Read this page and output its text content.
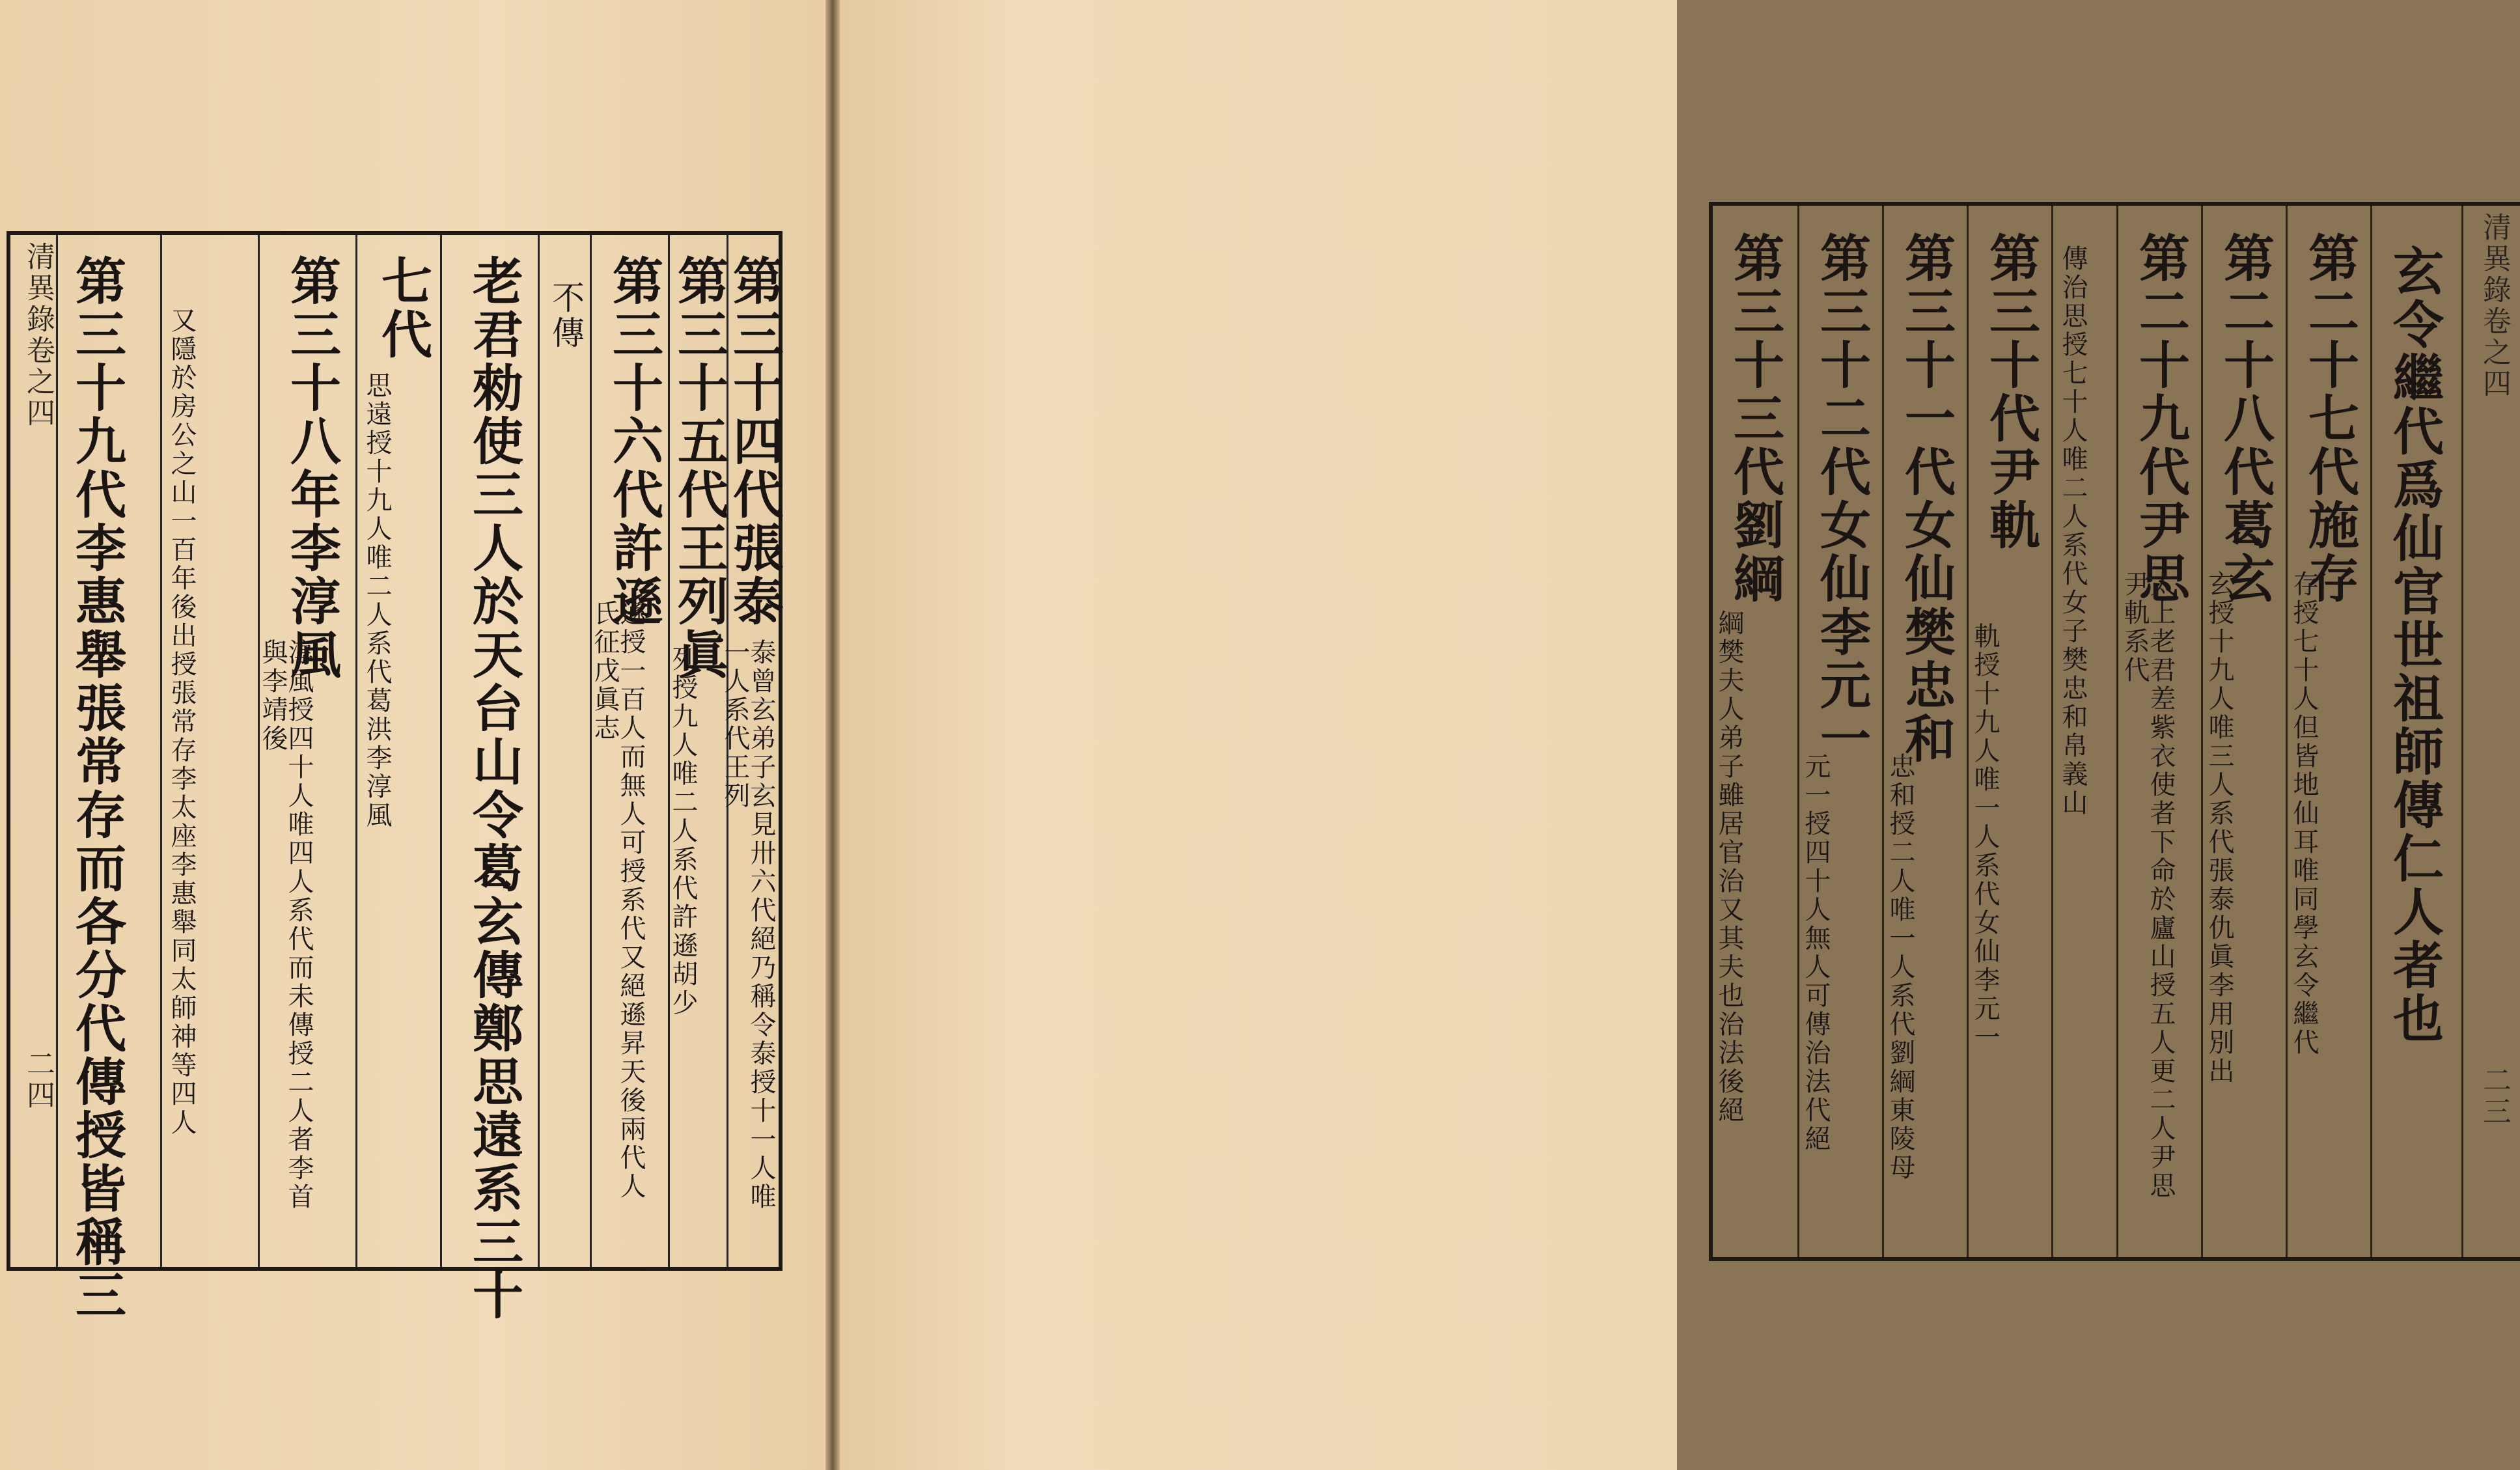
清異錄卷之四
二四 第三十九代李惠舉張常存而各分代傳授皆稱三 又隱於房公之山一百年後出授張常存李太座李惠舉同太師神等四人 第三十八年李淳風
淳風授四十人唯四人系代而未傳授二人者李首與李靖後
七代
思遠授十九人唯二人系代葛洪李淳風 老君勑使三人於天台山令葛玄傳鄭思遠系三十 不傳 第三十六代許遜
遜授一百人而無人可授系代又絕遜昇天後兩代人氏征戊眞志 第三十五代王列眞
列授九人唯二人系代許遜胡少
第三十四代張泰
泰曾玄弟子玄見卅六代絕乃稱令泰授十一人唯一人系代王列
第三十三代劉綱
綱樊夫人弟子雖居官治又其夫也治法後絕
第三十二代女仙李元一
元一授四十人無人可傳治法代絕
第三十一代女仙樊忠和
忠和授二人唯一人系代劉綱東陵母
第三十代尹軌
軌授十九人唯一人系代女仙李元一
傳治思授七十人唯二人系代女子樊忠和帛義山 第二十九代尹思
太上老君差紫衣使者下命於廬山授五人更二人尹思尹軌系代
第二十八代葛玄
玄授十九人唯三人系代張泰仇眞李用別出
第二十七代施存
存授七十人但皆地仙耳唯同學玄令繼代 玄令繼代爲仙官世祖師傳仁人者也 清異錄卷之四
二三
